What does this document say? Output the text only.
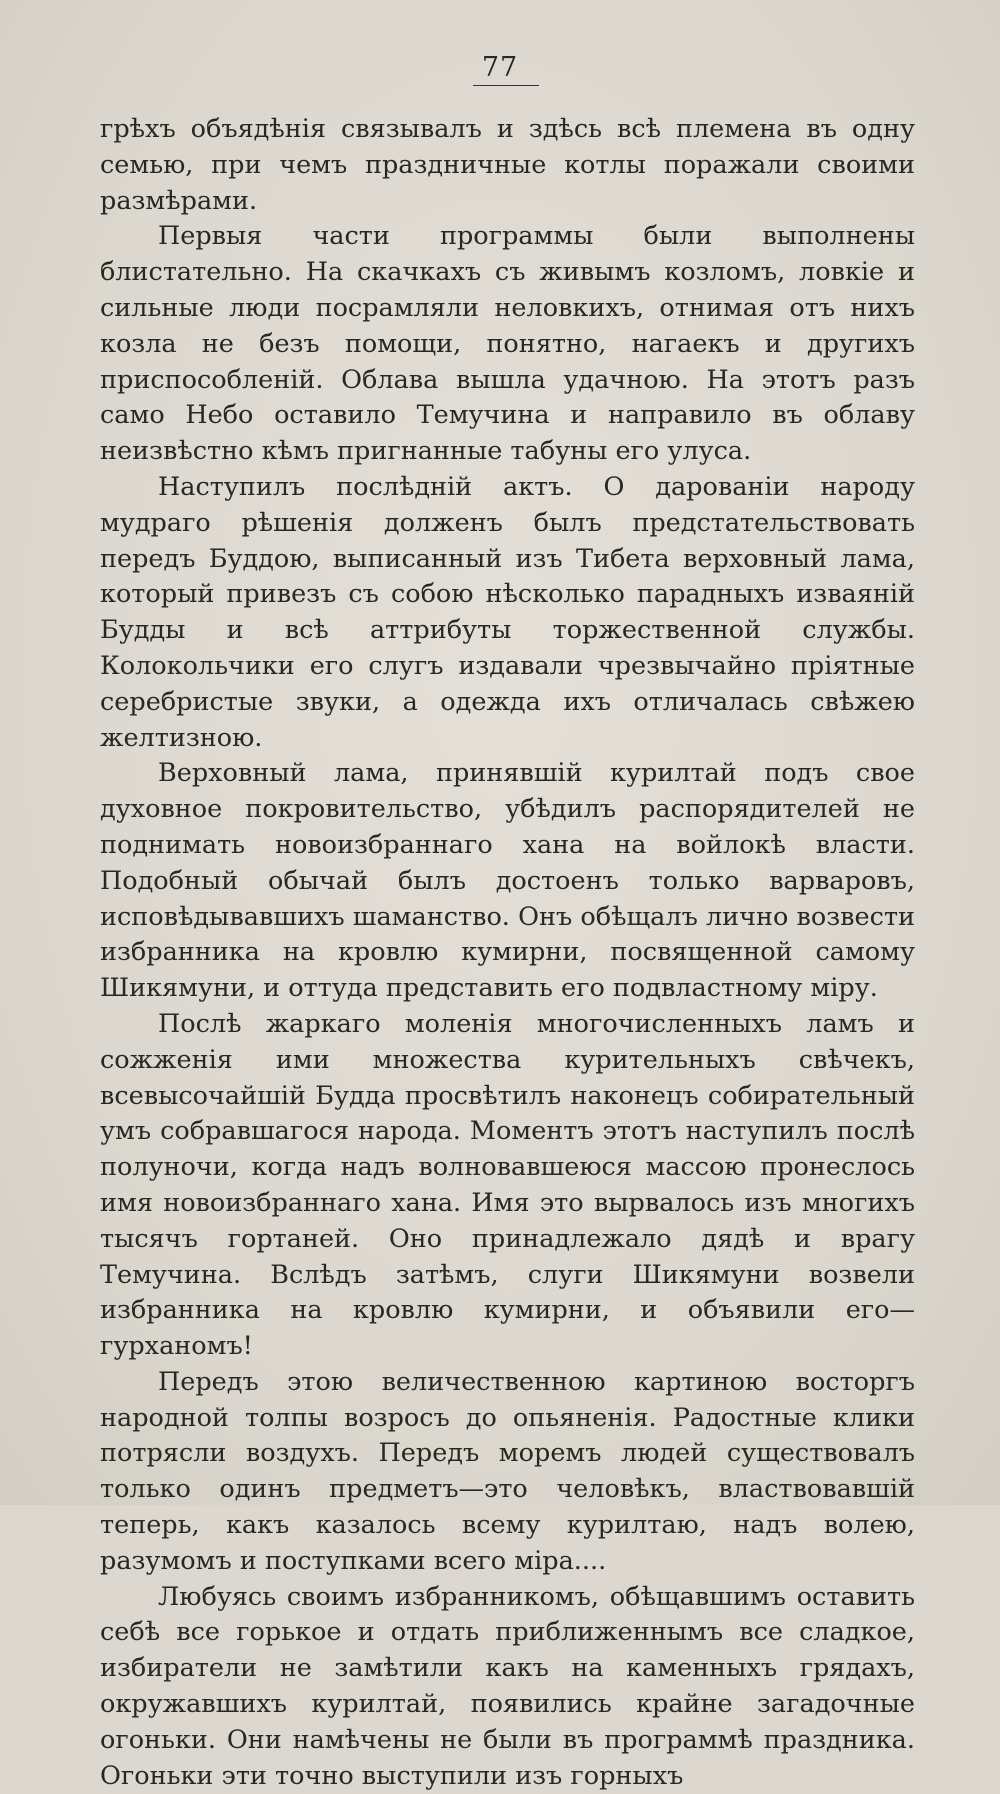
77

грѣхъ объядѣнія связывалъ и здѣсь всѣ племена въ одну семью, при чемъ праздничные котлы поражали своими размѣрами.

Первыя части программы были выполнены блистательно. На скачкахъ съ живымъ козломъ, ловкіе и сильные люди посрамляли неловкихъ, отнимая отъ нихъ козла не безъ помощи, понятно, нагаекъ и другихъ приспособленій. Облава вышла удачною. На этотъ разъ само Небо оставило Темучина и направило въ облаву неизвѣстно кѣмъ пригнанные табуны его улуса.

Наступилъ послѣдній актъ. О дарованіи народу мудраго рѣшенія долженъ былъ предстательствовать передъ Буддою, выписанный изъ Тибета верховный лама, который привезъ съ собою нѣсколько парадныхъ изваяній Будды и всѣ аттрибуты торжественной службы. Колокольчики его слугъ издавали чрезвычайно пріятные серебристые звуки, а одежда ихъ отличалась свѣжею желтизною.

Верховный лама, принявшій курилтай подъ свое духовное покровительство, убѣдилъ распорядителей не поднимать новоизбраннаго хана на войлокѣ власти. Подобный обычай былъ достоенъ только варваровъ, исповѣдывавшихъ шаманство. Онъ обѣщалъ лично возвести избранника на кровлю кумирни, посвященной самому Шикямуни, и оттуда представить его подвластному міру.

Послѣ жаркаго моленія многочисленныхъ ламъ и сожженія ими множества курительныхъ свѣчекъ, всевысочайшій Будда просвѣтилъ наконецъ собирательный умъ собравшагося народа. Моментъ этотъ наступилъ послѣ полуночи, когда надъ волновавшеюся массою пронеслось имя новоизбраннаго хана. Имя это вырвалось изъ многихъ тысячъ гортаней. Оно принадлежало дядѣ и врагу Темучина. Вслѣдъ затѣмъ, слуги Шикямуни возвели избранника на кровлю кумирни, и объявили его—гурханомъ!

Передъ этою величественною картиною восторгъ народной толпы возросъ до опьяненія. Радостные клики потрясли воздухъ. Передъ моремъ людей существовалъ только одинъ предметъ—это человѣкъ, властвовавшій теперь, какъ казалось всему курилтаю, надъ волею, разумомъ и поступками всего міра....

Любуясь своимъ избранникомъ, обѣщавшимъ оставить себѣ все горькое и отдать приближеннымъ все сладкое, избиратели не замѣтили какъ на каменныхъ грядахъ, окружавшихъ курилтай, появились крайне загадочные огоньки. Они намѣчены не были въ программѣ праздника. Огоньки эти точно выступили изъ горныхъ
